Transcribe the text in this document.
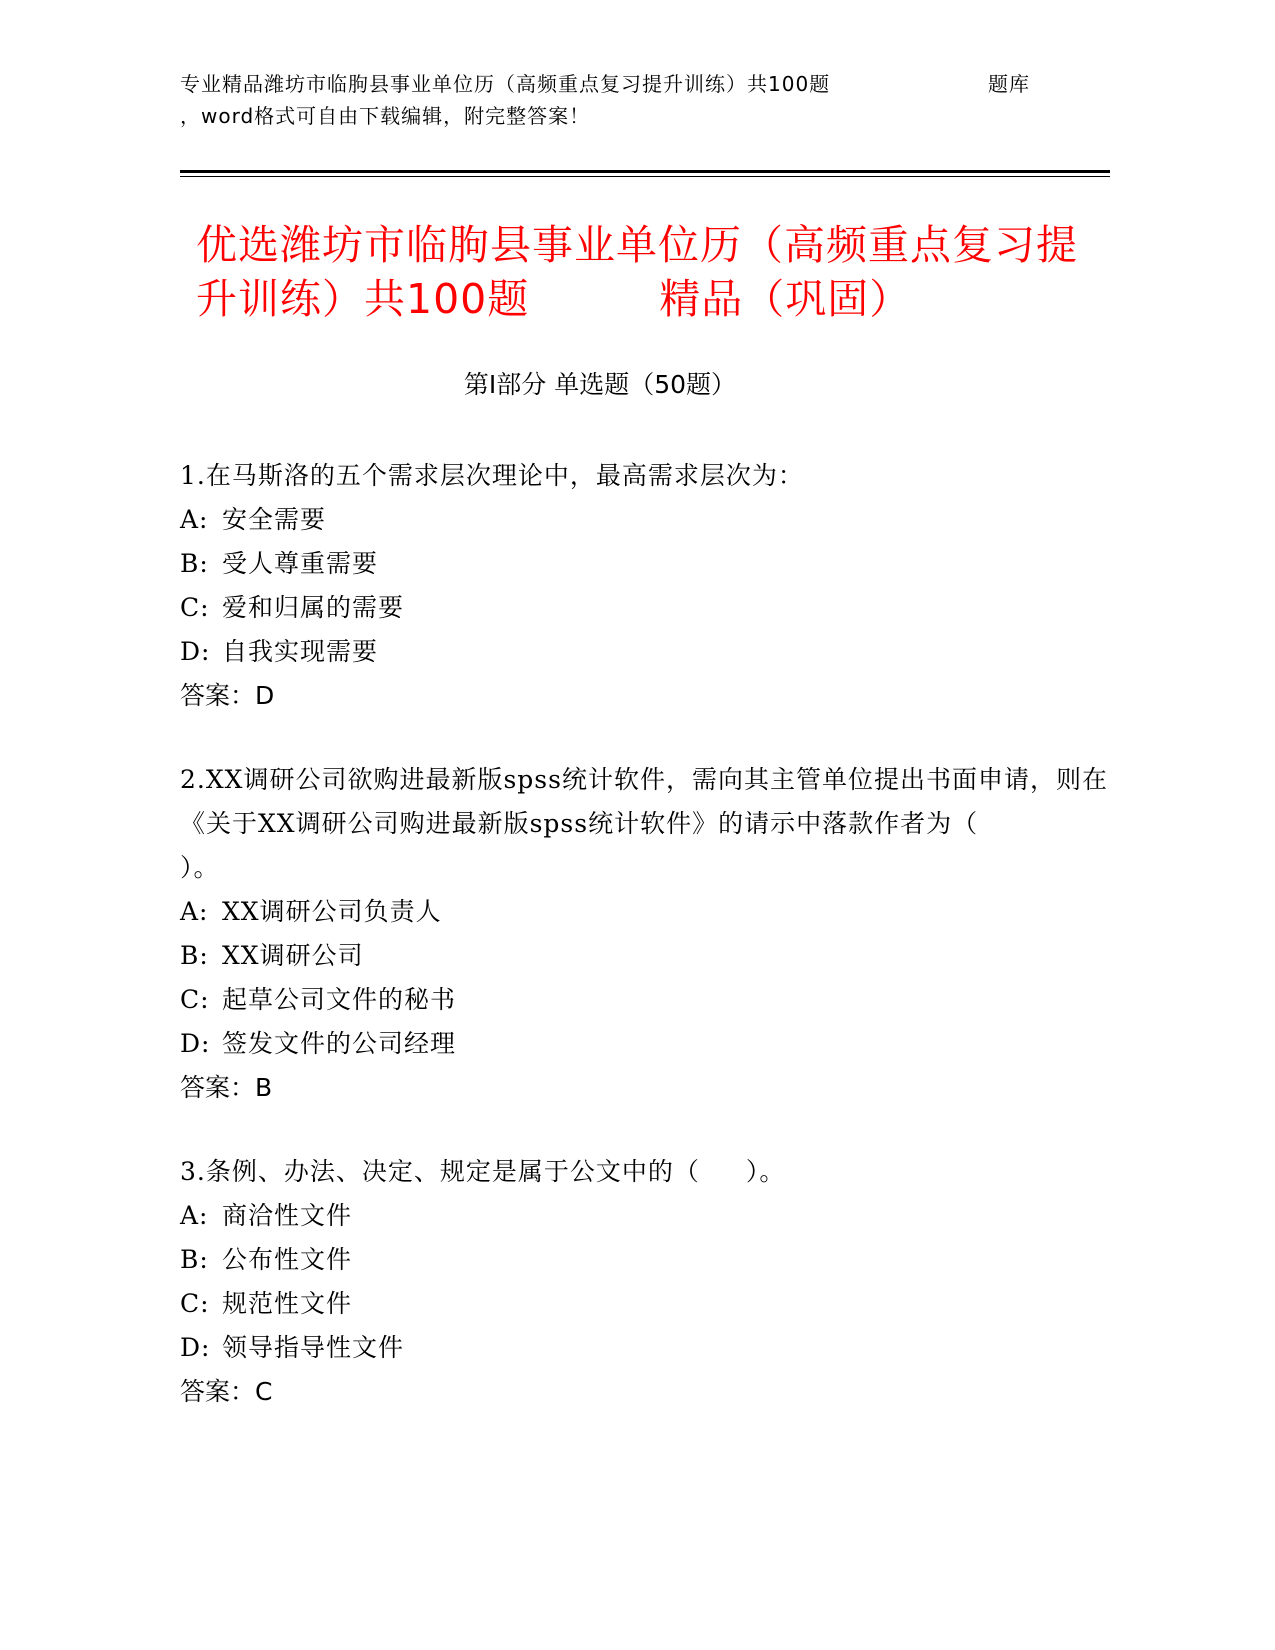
专业精品潍坊市临朐县事业单位历（高频重点复习提升训练）共100题	题库
，word格式可自由下载编辑，附完整答案！
优选潍坊市临朐县事业单位历（高频重点复习提升训练）共100题	精品（巩固）
第I部分 单选题（50题）
1.在马斯洛的五个需求层次理论中，最高需求层次为：
A: 安全需要
B: 受人尊重需要
C: 爱和归属的需要
D: 自我实现需要
答案：D
2.XX调研公司欲购进最新版spss统计软件，需向其主管单位提出书面申请，则在《关于XX调研公司购进最新版spss统计软件》的请示中落款作者为（）。
A: XX调研公司负责人
B: XX调研公司
C: 起草公司文件的秘书
D: 签发文件的公司经理
答案：B
3.条例、办法、决定、规定是属于公文中的（ ）。
A: 商洽性文件
B: 公布性文件
C: 规范性文件
D: 领导指导性文件
答案：C
